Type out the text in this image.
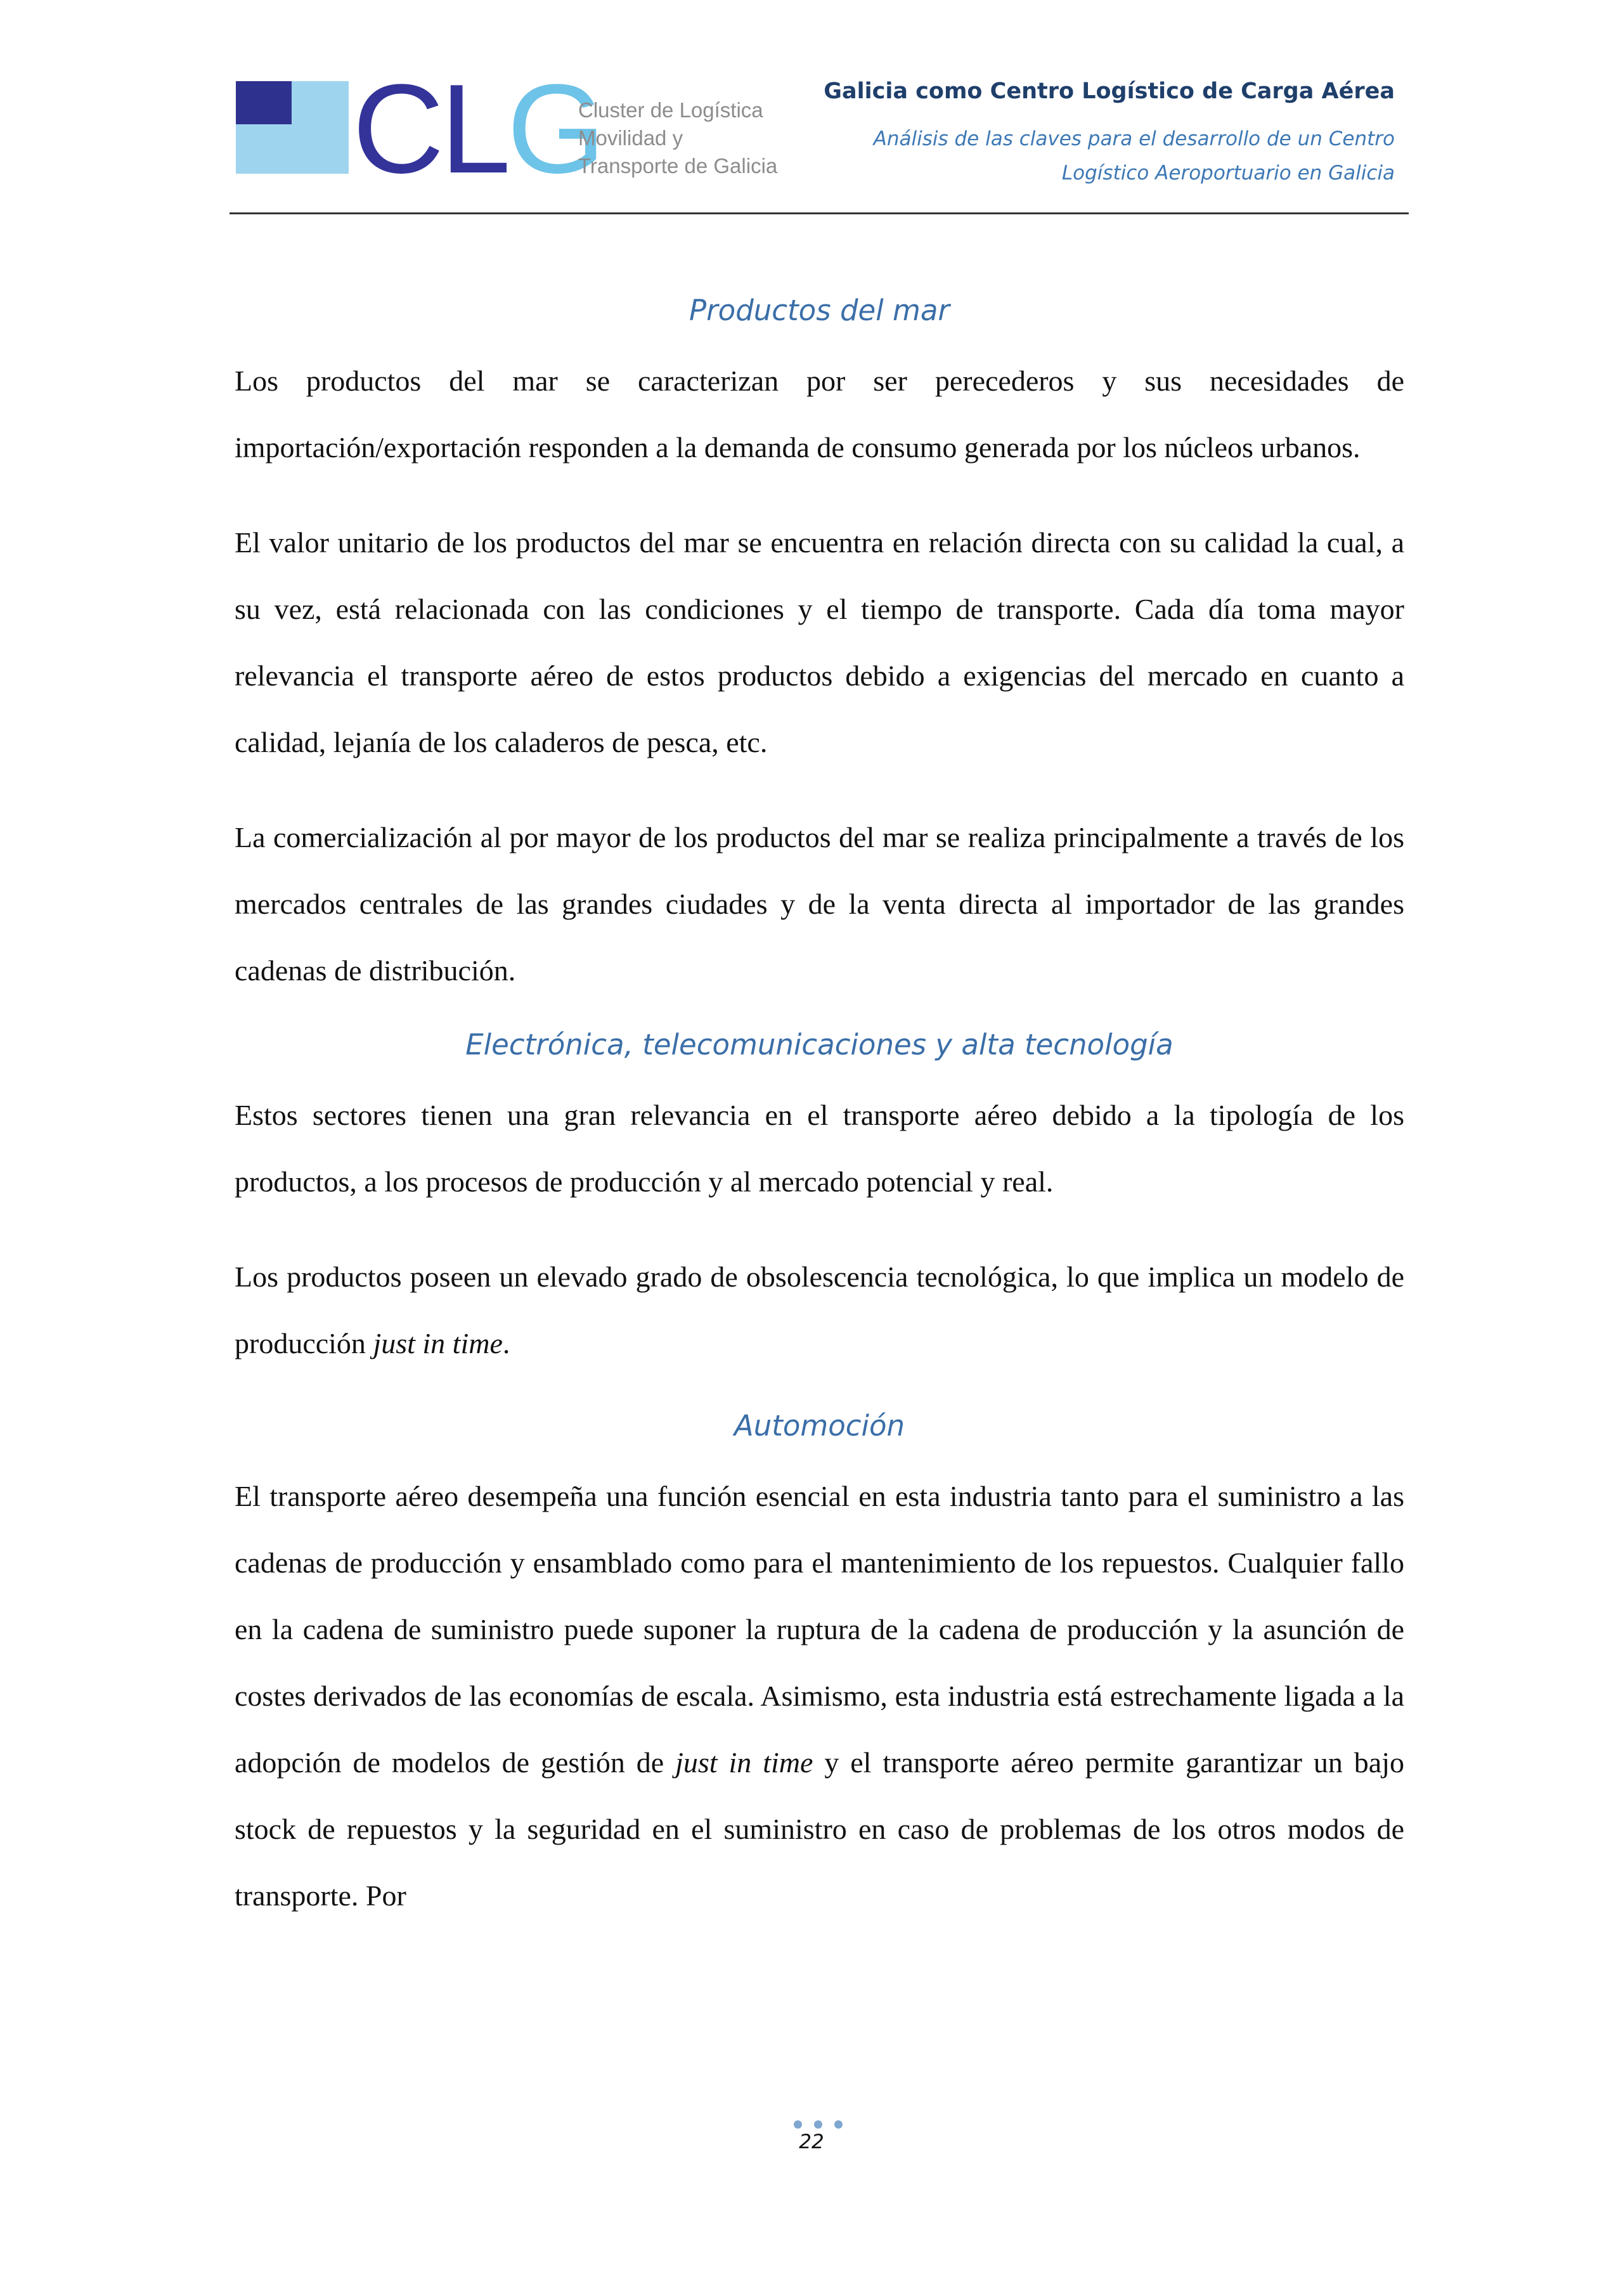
CLG
Cluster de Logística
Movilidad y
Transporte de Galicia
Galicia como Centro Logístico de Carga Aérea
Análisis de las claves para el desarrollo de un Centro
Logístico Aeroportuario en Galicia
Productos del mar

Los productos del mar se caracterizan por ser perecederos y sus necesidades de importación/exportación responden a la demanda de consumo generada por los núcleos urbanos.

El valor unitario de los productos del mar se encuentra en relación directa con su calidad la cual, a su vez, está relacionada con las condiciones y el tiempo de transporte. Cada día toma mayor relevancia el transporte aéreo de estos productos debido a exigencias del mercado en cuanto a calidad, lejanía de los caladeros de pesca, etc.

La comercialización al por mayor de los productos del mar se realiza principalmente a través de los mercados centrales de las grandes ciudades y de la venta directa al importador de las grandes cadenas de distribución.

Electrónica, telecomunicaciones y alta tecnología

Estos sectores tienen una gran relevancia en el transporte aéreo debido a la tipología de los productos, a los procesos de producción y al mercado potencial y real.

Los productos poseen un elevado grado de obsolescencia tecnológica, lo que implica un modelo de producción just in time.

Automoción

El transporte aéreo desempeña una función esencial en esta industria tanto para el suministro a las cadenas de producción y ensamblado como para el mantenimiento de los repuestos. Cualquier fallo en la cadena de suministro puede suponer la ruptura de la cadena de producción y la asunción de costes derivados de las economías de escala. Asimismo, esta industria está estrechamente ligada a la adopción de modelos de gestión de just in time y el transporte aéreo permite garantizar un bajo stock de repuestos y la seguridad en el suministro en caso de problemas de los otros modos de transporte. Por

22
